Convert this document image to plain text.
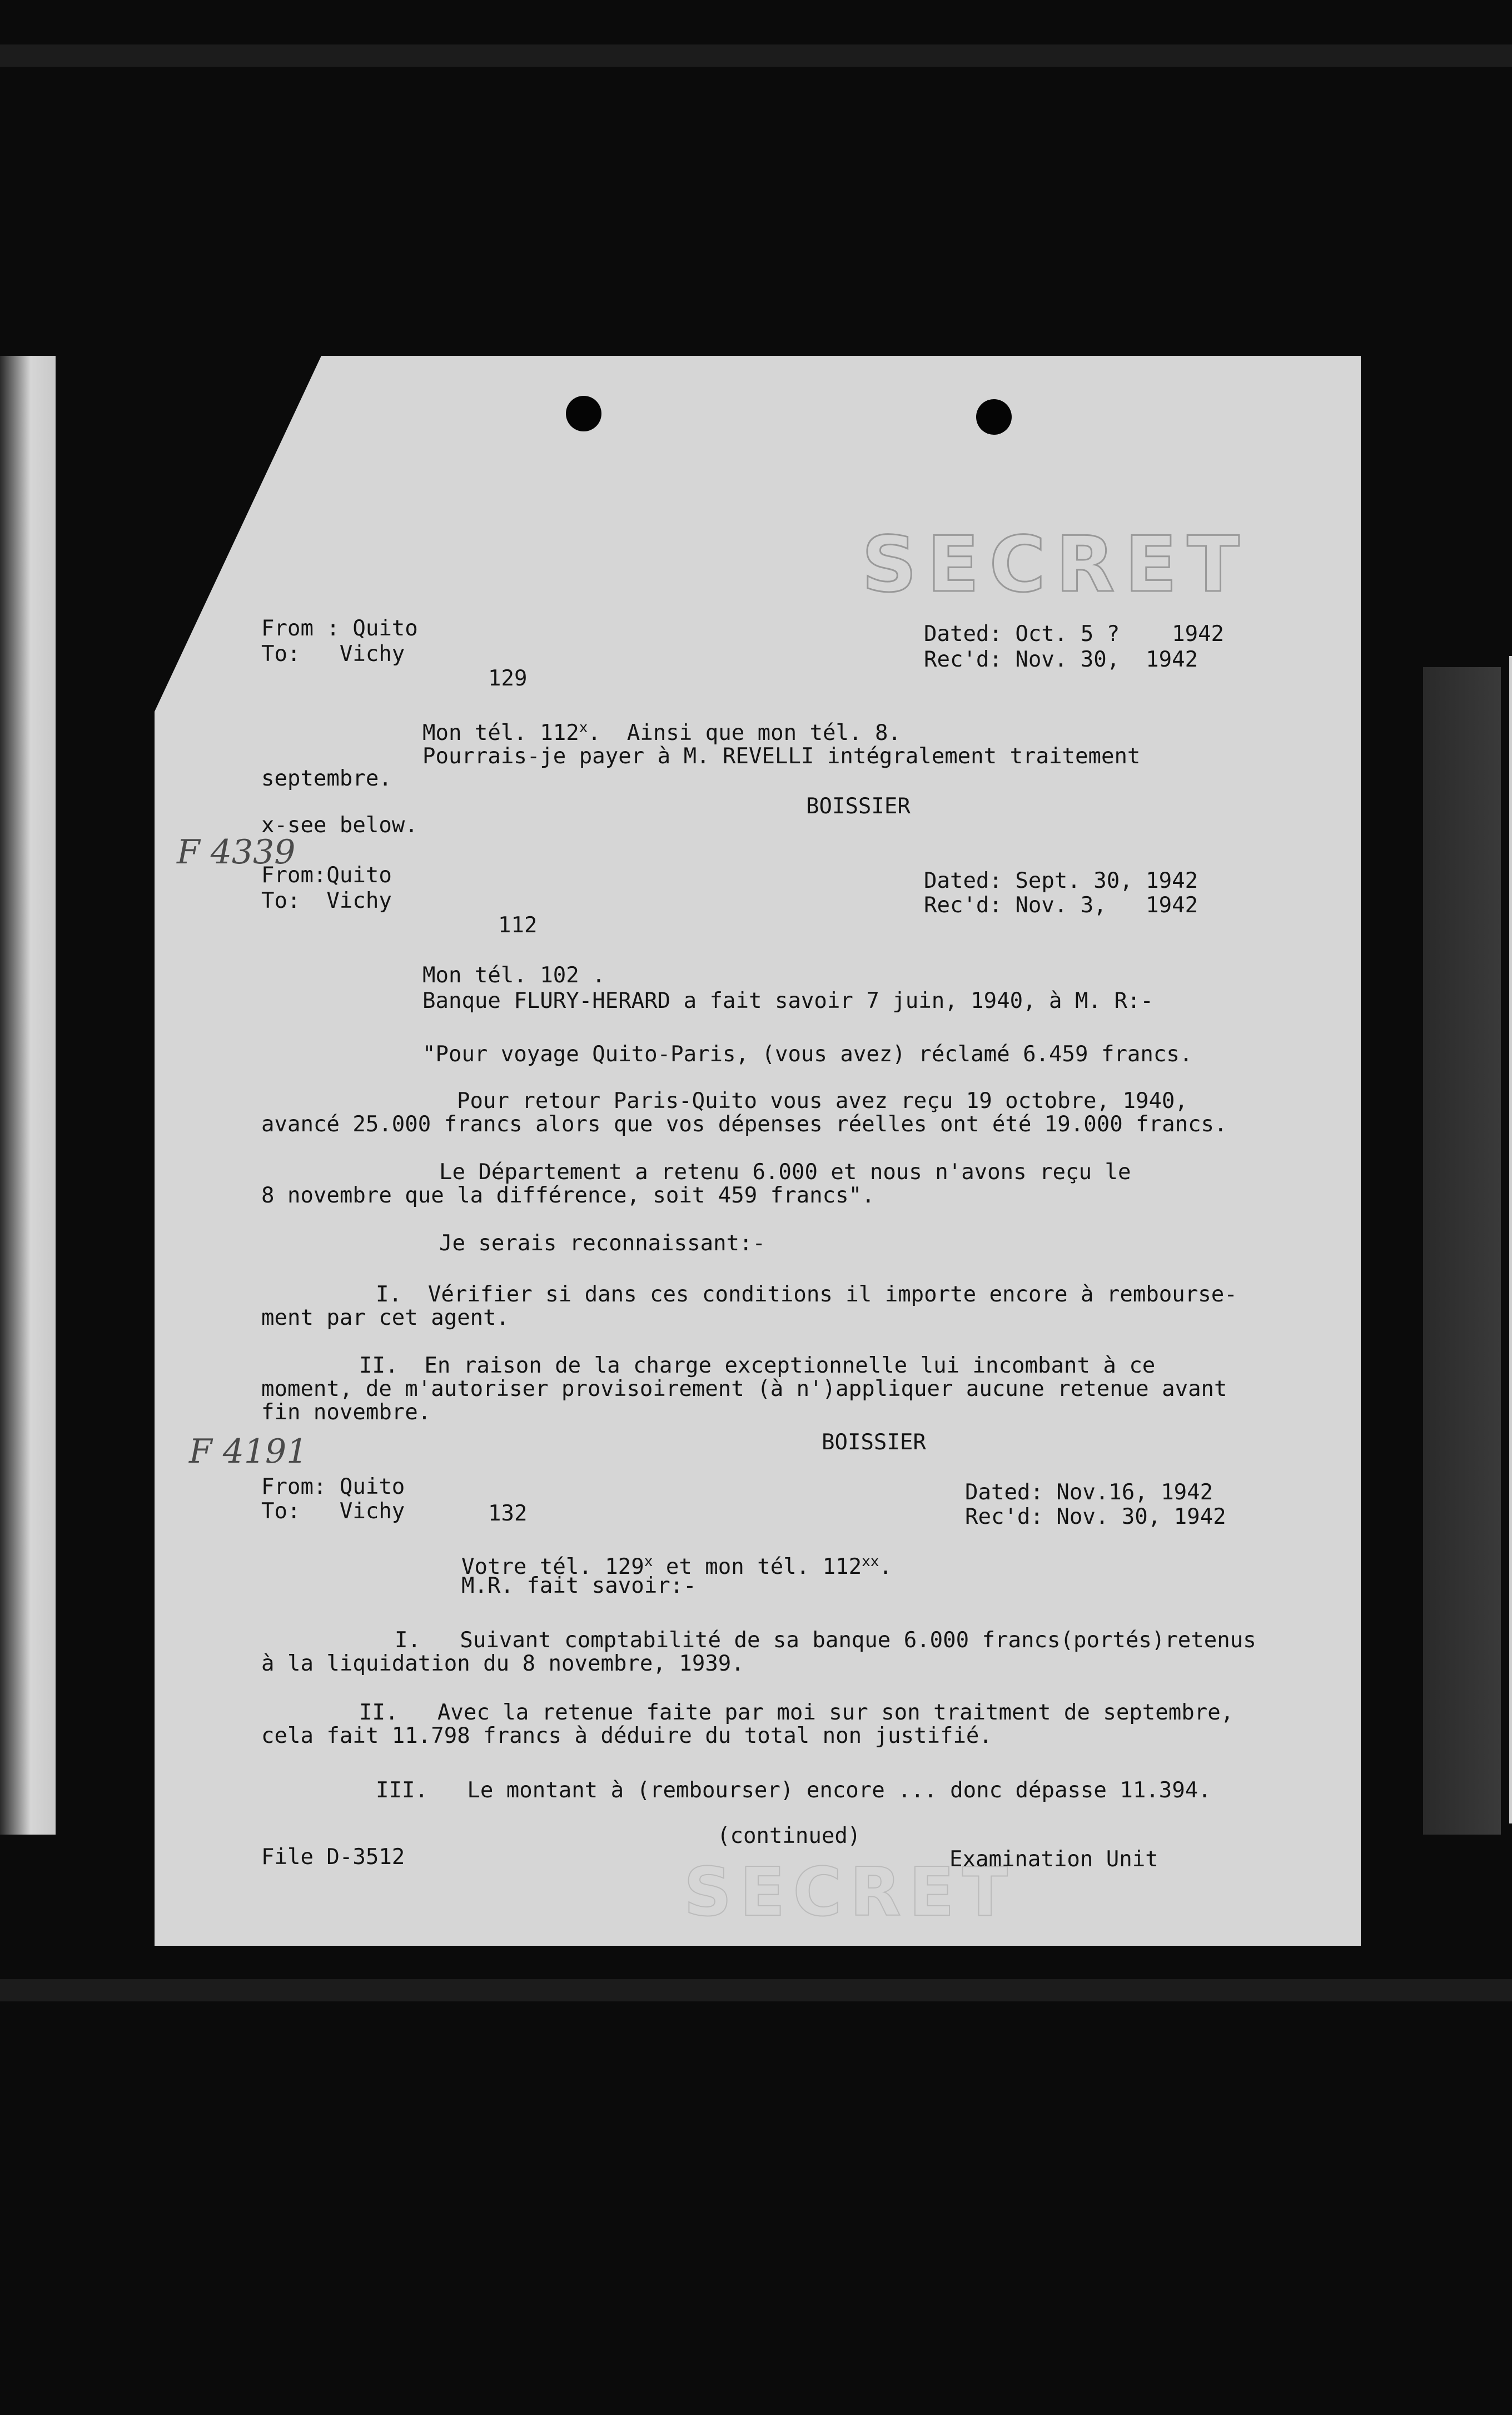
SECRET
SECRET

From : Quito

To:   Vichy

129

Dated: Oct. 5 ?    1942

Rec'd: Nov. 30,  1942

Mon tél. 112$^x$.  Ainsi que mon tél. 8.

Pourrais-je payer à M. REVELLI intégralement traitement

septembre.

BOISSIER

x-see below.

F 4339

From:Quito

To:  Vichy

112

Dated: Sept. 30, 1942

Rec'd: Nov. 3,   1942

Mon tél. 102 .

Banque FLURY-HERARD a fait savoir 7 juin, 1940, à M. R:-

"Pour voyage Quito-Paris, (vous avez) réclamé 6.459 francs.

Pour retour Paris-Quito vous avez reçu 19 octobre, 1940,

avancé 25.000 francs alors que vos dépenses réelles ont été 19.000 francs.

Le Département a retenu 6.000 et nous n'avons reçu le

8 novembre que la différence, soit 459 francs".

Je serais reconnaissant:-

I.  Vérifier si dans ces conditions il importe encore à rembourse-

ment par cet agent.

II.  En raison de la charge exceptionnelle lui incombant à ce

moment, de m'autoriser provisoirement (à n')appliquer aucune retenue avant

fin novembre.

BOISSIER

F 4191

From: Quito

To:   Vichy	132

Dated: Nov.16, 1942

Rec'd: Nov. 30, 1942

Votre tél. 129$^x$ et mon tél. 112$^{xx}$.

M.R. fait savoir:-

I.   Suivant comptabilité de sa banque 6.000 francs(portés)retenus

à la liquidation du 8 novembre, 1939.

II.   Avec la retenue faite par moi sur son traitment de septembre,

cela fait 11.798 francs à déduire du total non justifié.

III.   Le montant à (rembourser) encore ... donc dépasse 11.394.

(continued)

File D-3512	Examination Unit
